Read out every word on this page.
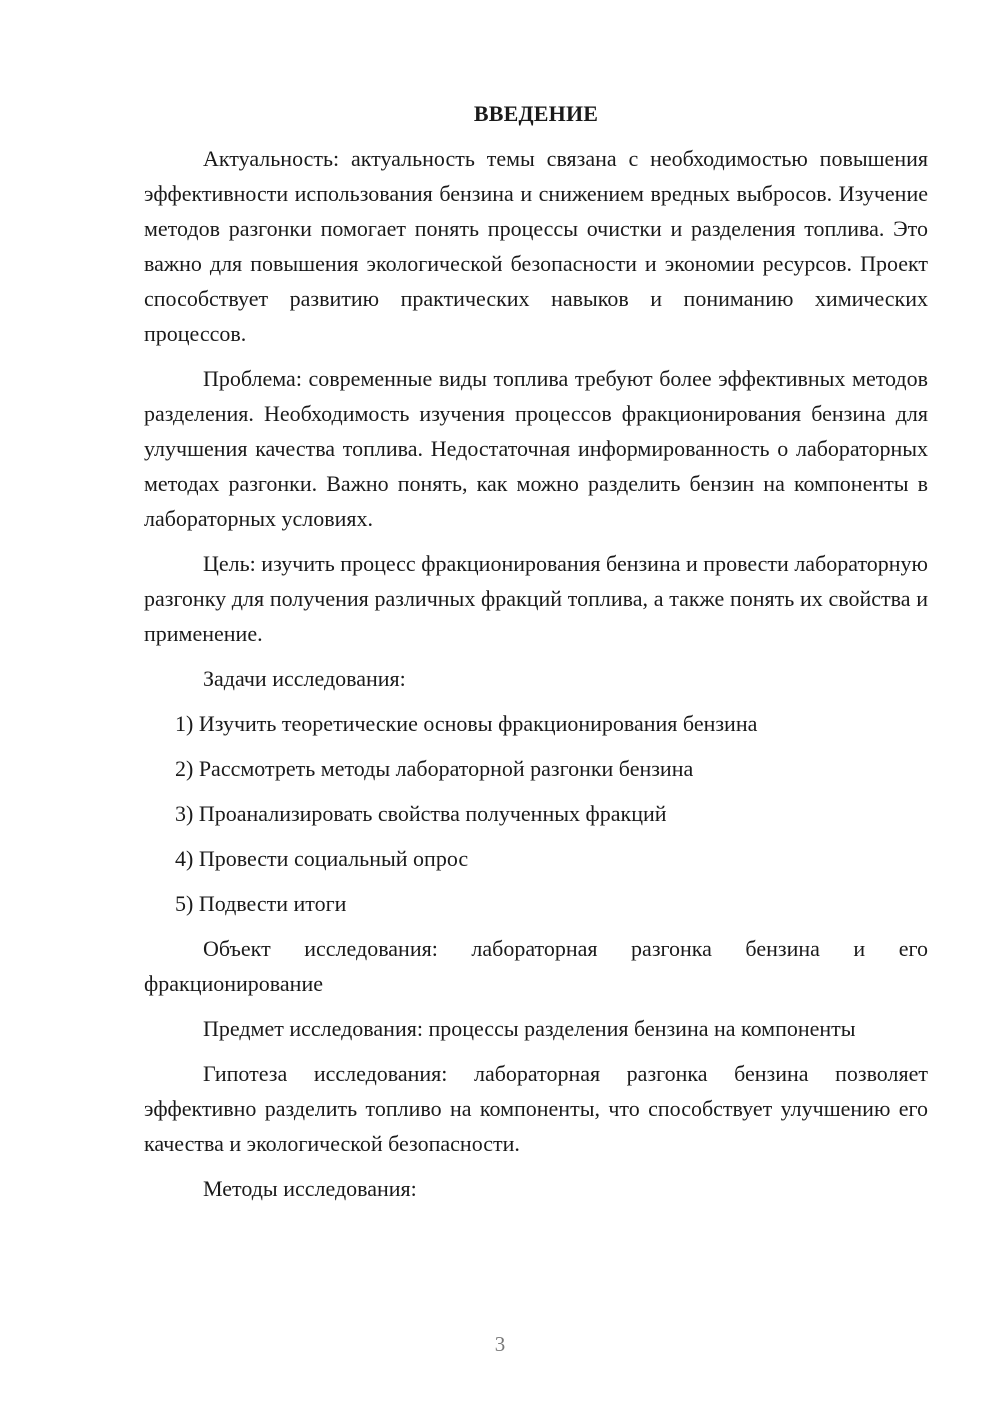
ВВЕДЕНИЕ

Актуальность: актуальность темы связана с необходимостью повышения эффективности использования бензина и снижением вредных выбросов. Изучение методов разгонки помогает понять процессы очистки и разделения топлива. Это важно для повышения экологической безопасности и экономии ресурсов. Проект способствует развитию практических навыков и пониманию химических процессов.

Проблема: современные виды топлива требуют более эффективных методов разделения. Необходимость изучения процессов фракционирования бензина для улучшения качества топлива. Недостаточная информированность о лабораторных методах разгонки. Важно понять, как можно разделить бензин на компоненты в лабораторных условиях.

Цель: изучить процесс фракционирования бензина и провести лабораторную разгонку для получения различных фракций топлива, а также понять их свойства и применение.

Задачи исследования:

1) Изучить теоретические основы фракционирования бензина
2) Рассмотреть методы лабораторной разгонки бензина
3) Проанализировать свойства полученных фракций
4) Провести социальный опрос
5) Подвести итоги

Объект исследования: лабораторная разгонка бензина и его фракционирование

Предмет исследования: процессы разделения бензина на компоненты

Гипотеза исследования: лабораторная разгонка бензина позволяет эффективно разделить топливо на компоненты, что способствует улучшению его качества и экологической безопасности.

Методы исследования:

3
